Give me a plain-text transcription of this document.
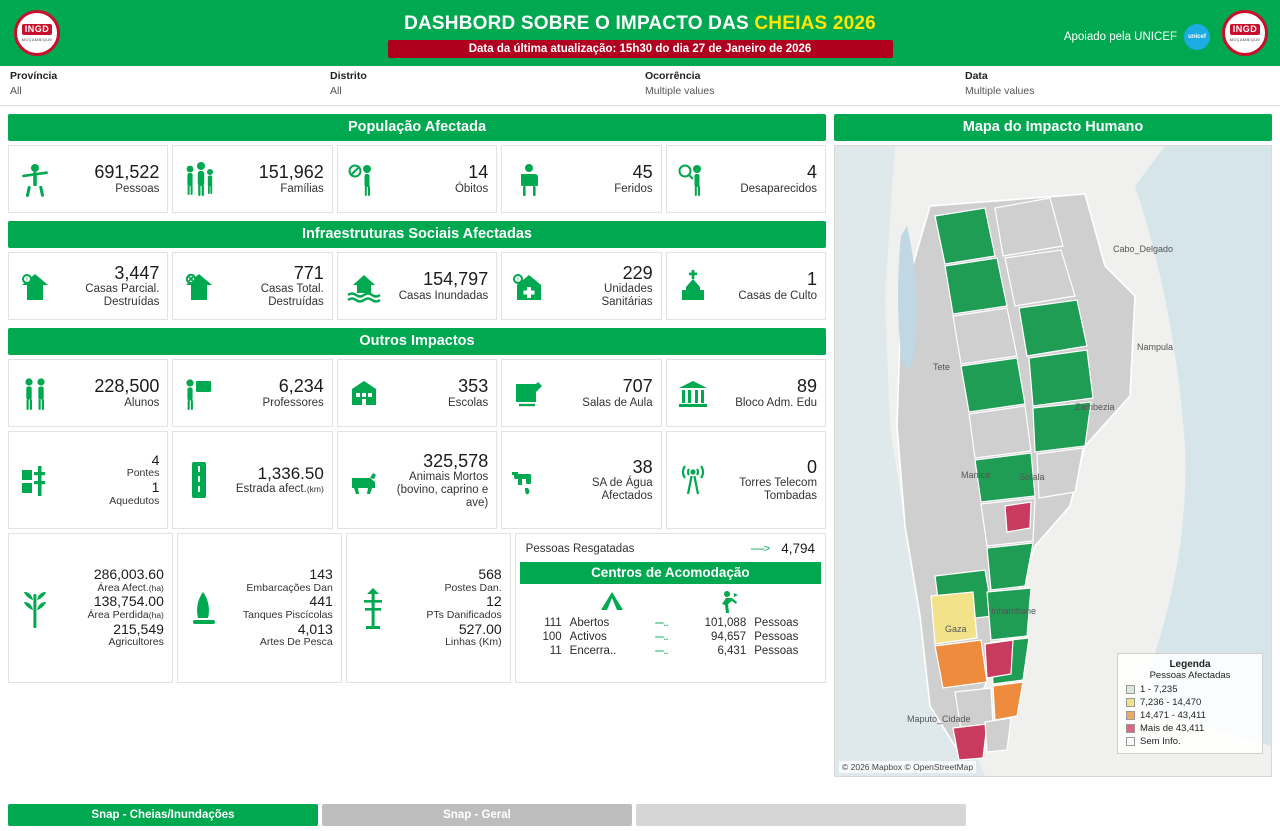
INGD
MOÇAMBIQUE
DASHBORD SOBRE O IMPACTO DAS CHEIAS 2026
Data da última atualização: 15h30 do dia 27 de Janeiro de 2026
Apoiado pela UNICEF	unicef
INGD
MOÇAMBIQUE
Província
All
Distrito
All
Ocorrência
Multiple values
Data
Multiple values
População Afectada
691,522
Pessoas
151,962
Famílias
14
Óbitos
45
Feridos
4
Desaparecidos
Infraestruturas Sociais Afectadas
!	3,447
Casas Parcial. Destruídas
771
Casas Total. Destruídas
154,797
Casas Inundadas
!	229
Unidades Sanitárias
1
Casas de Culto
Outros Impactos
228,500
Alunos
6,234
Professores
353
Escolas
707
Salas de Aula
89
Bloco Adm. Edu
4
Pontes
1
Aquedutos
1,336.50
Estrada afect.(km)
325,578
Animais Mortos (bovino, caprino e ave)
38
SA de Água Afectados
0
Torres Telecom Tombadas
286,003.60
Área Afect.(ha)
138,754.00
Área Perdida(ha)
215,549
Agricultores
143
Embarcações Dan
441
Tanques Piscícolas
4,013
Artes De Pesca
568
Postes Dan.
12
PTs Danificados
527.00
Linhas (Km)
Pessoas Resgatadas	-----> 4,794
Centros de Acomodação
111	Abertos	---..	101,088	Pessoas
100	Activos	---..	94,657	Pessoas
11	Encerra..	---..	6,431	Pessoas
Mapa do Impacto Humano
Cabo_Delgado
Nampula
Tete
Zambezia
Manica	Sofala
Inhambane
Gaza
Maputo_Cidade
Legenda
Pessoas Afectadas
1 - 7,235
7,236 - 14,470
14,471 - 43,411
Mais de 43,411
Sem Info.
© 2026 Mapbox © OpenStreetMap
Snap - Cheias/Inundações	Snap - Geral
